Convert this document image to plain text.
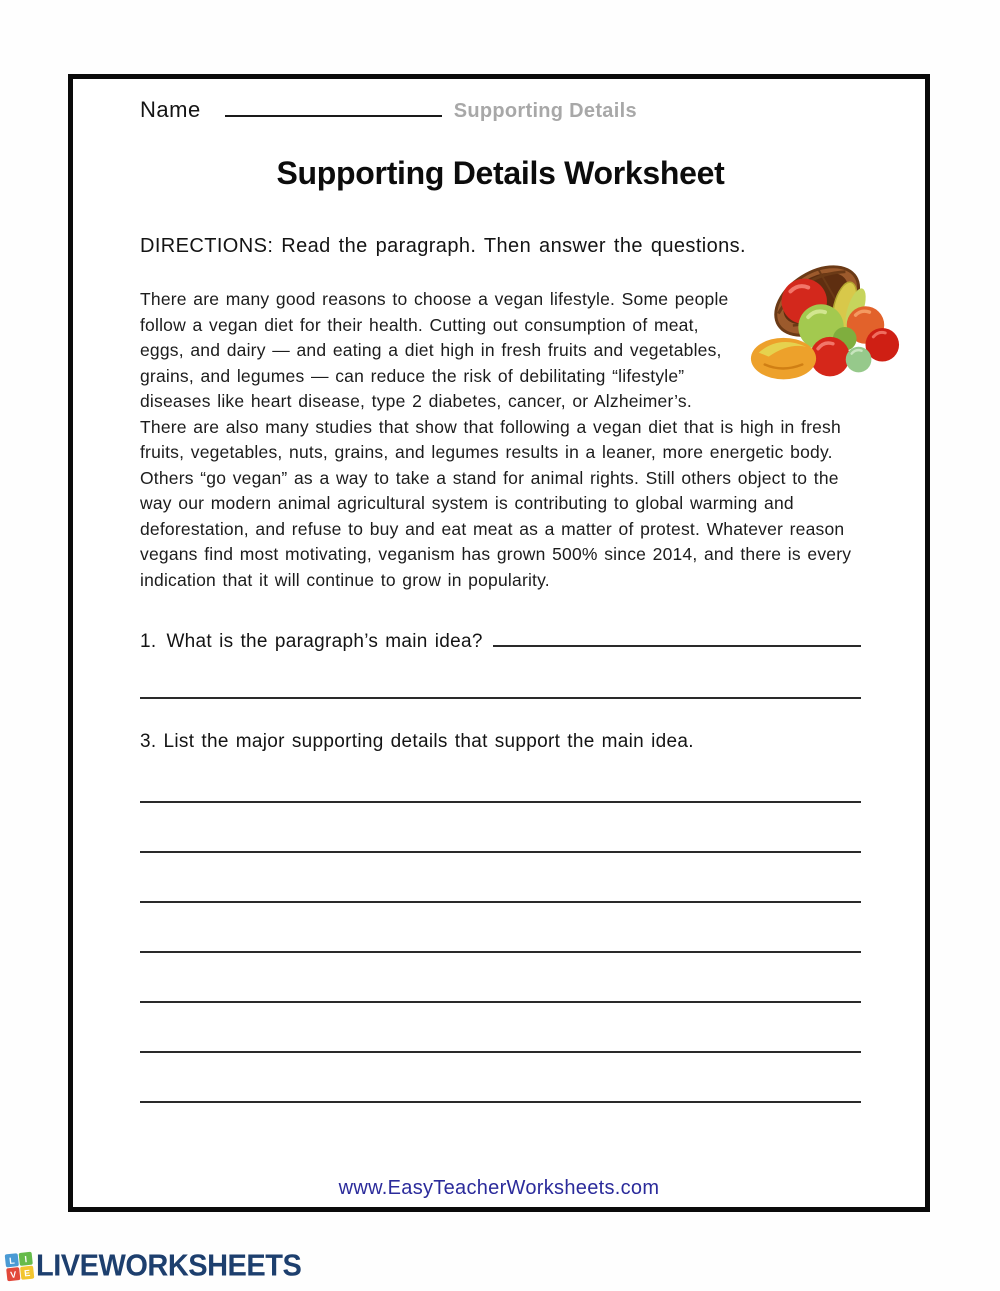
Name	Supporting Details
Supporting Details Worksheet
DIRECTIONS: Read the paragraph. Then answer the questions.
There are many good reasons to choose a vegan lifestyle. Some people follow a vegan diet for their health. Cutting out consumption of meat, eggs, and dairy — and eating a diet high in fresh fruits and vegetables, grains, and legumes — can reduce the risk of debilitating “lifestyle” diseases like heart disease, type 2 diabetes, cancer, or Alzheimer’s. There are also many studies that show that following a vegan diet that is high in fresh fruits, vegetables, nuts, grains, and legumes results in a leaner, more energetic body. Others “go vegan” as a way to take a stand for animal rights. Still others object to the way our modern animal agricultural system is contributing to global warming and deforestation, and refuse to buy and eat meat as a matter of protest. Whatever reason vegans find most motivating, veganism has grown 500% since 2014, and there is every indication that it will continue to grow in popularity.
1. What is the paragraph’s main idea?
3. List the major supporting details that support the main idea.
www.EasyTeacherWorksheets.com
L I
V E LIVEWORKSHEETS
